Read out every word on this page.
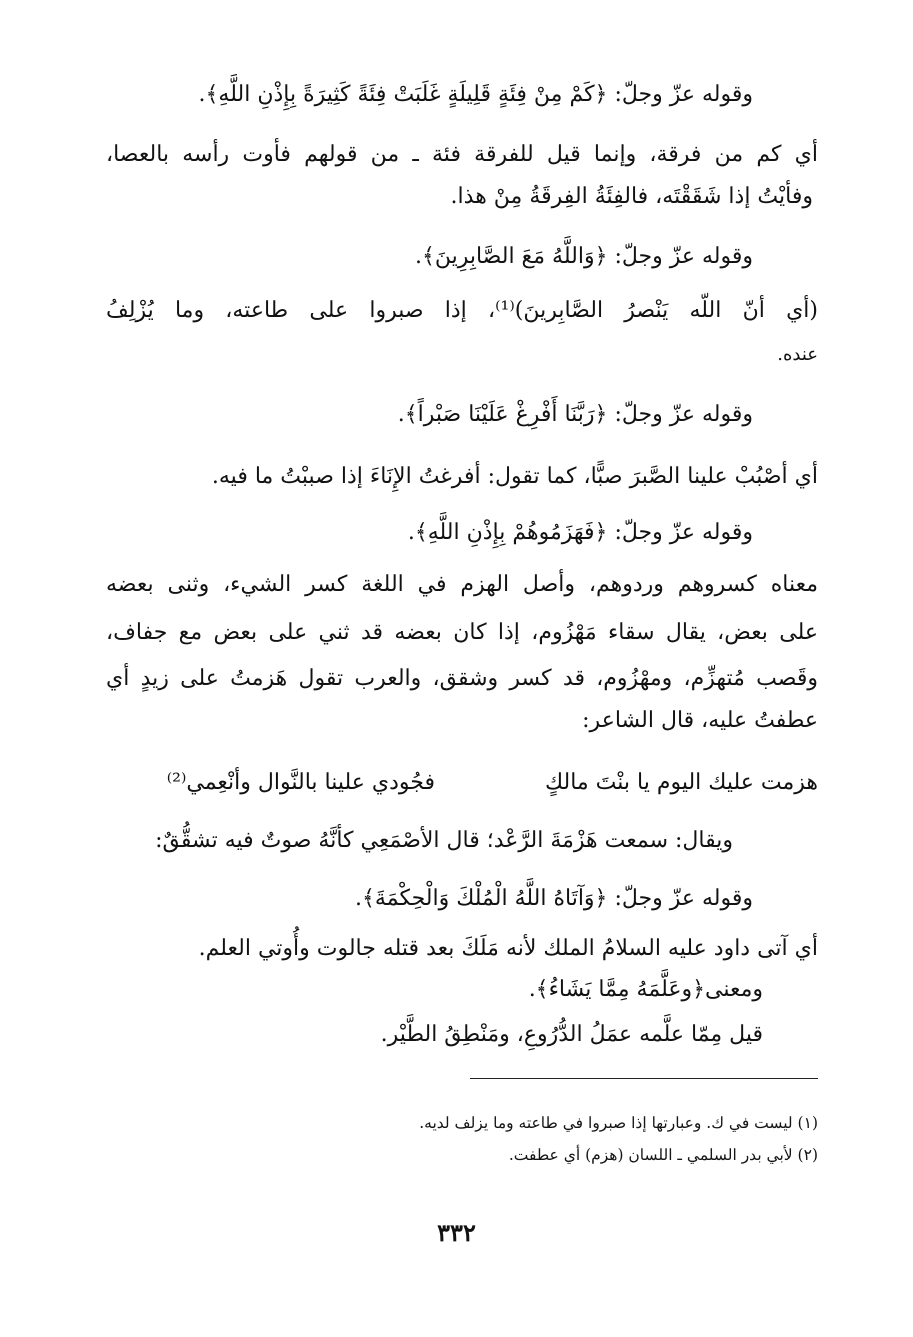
وقوله عزّ وجلّ: ﴿كَمْ مِنْ فِئَةٍ قَلِيلَةٍ غَلَبَتْ فِئَةً كَثِيرَةً بِإِذْنِ اللَّهِ﴾.
أي كم من فرقة، وإنما قيل للفرقة فئة ـ من قولهم فأوت رأسه بالعصا،
وفأيْتُ إذا شَقَقْتَه، فالفِئَةُ الفِرقَةُ مِنْ هذا.
وقوله عزّ وجلّ: ﴿وَاللَّهُ مَعَ الصَّابِرِينَ﴾.
(أي أنّ اللّه يَنْصرُ الصَّابِرينَ)⁽¹⁾، إذا صبروا على طاعته، وما يُزْلِفُ
عنده.
وقوله عزّ وجلّ: ﴿رَبَّنَا أَفْرِغْ عَلَيْنَا صَبْراً﴾.
أي أصْبُبْ علينا الصَّبرَ صبًّا، كما تقول: أفرغتُ الإِنَاءَ إذا صببْتُ ما فيه.
وقوله عزّ وجلّ: ﴿فَهَزَمُوهُمْ بِإِذْنِ اللَّهِ﴾.
معناه كسروهم وردوهم، وأصل الهزم في اللغة كسر الشيء، وثنى بعضه
على بعض، يقال سقاء مَهْزُوم، إذا كان بعضه قد ثني على بعض مع جفاف،
وقَصب مُتهزِّم، ومهْزُوم، قد كسر وشقق، والعرب تقول هَزمتُ على زيدٍ أي
عطفتُ عليه، قال الشاعر:
هزمت عليك اليوم يا بنْتَ مالكٍ
فجُودي علينا بالنَّوال وأنْعِمي⁽²⁾
ويقال: سمعت هَزْمَةَ الرَّعْد؛ قال الأصْمَعِي كأنَّهُ صوتٌ فيه تشقُّقٌ:
وقوله عزّ وجلّ: ﴿وَآتَاهُ اللَّهُ الْمُلْكَ وَالْحِكْمَةَ﴾.
أي آتى داود عليه السلامُ الملك لأنه مَلَكَ بعد قتله جالوت وأُوتي العلم.
ومعنى﴿وعَلَّمَهُ مِمَّا يَشَاءُ﴾.
قيل مِمّا علَّمه عمَلُ الدُّرُوعِ، ومَنْطِقُ الطَّيْر.
(١) ليست في ك. وعبارتها إذا صبروا في طاعته وما يزلف لديه.
(٢) لأبي بدر السلمي ـ اللسان (هزم) أي عطفت.
٣٣٢
